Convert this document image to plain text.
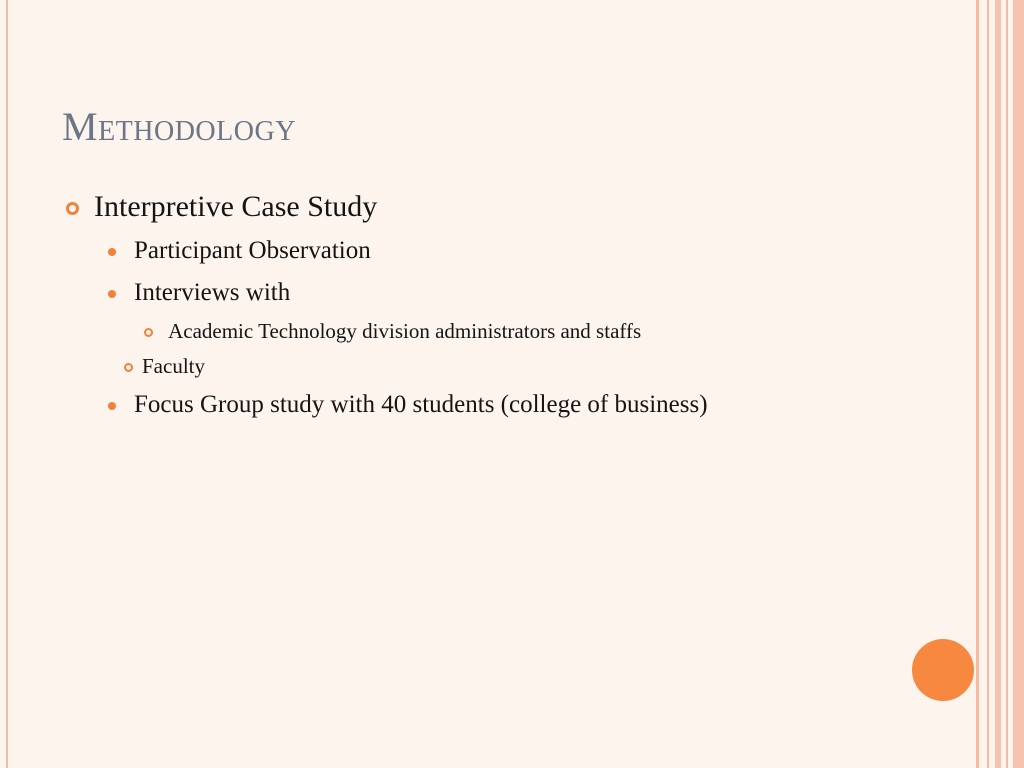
Methodology
Interpretive Case Study
Participant Observation
Interviews with
Academic Technology division administrators and staffs
Faculty
Focus Group study with 40 students (college of business)
